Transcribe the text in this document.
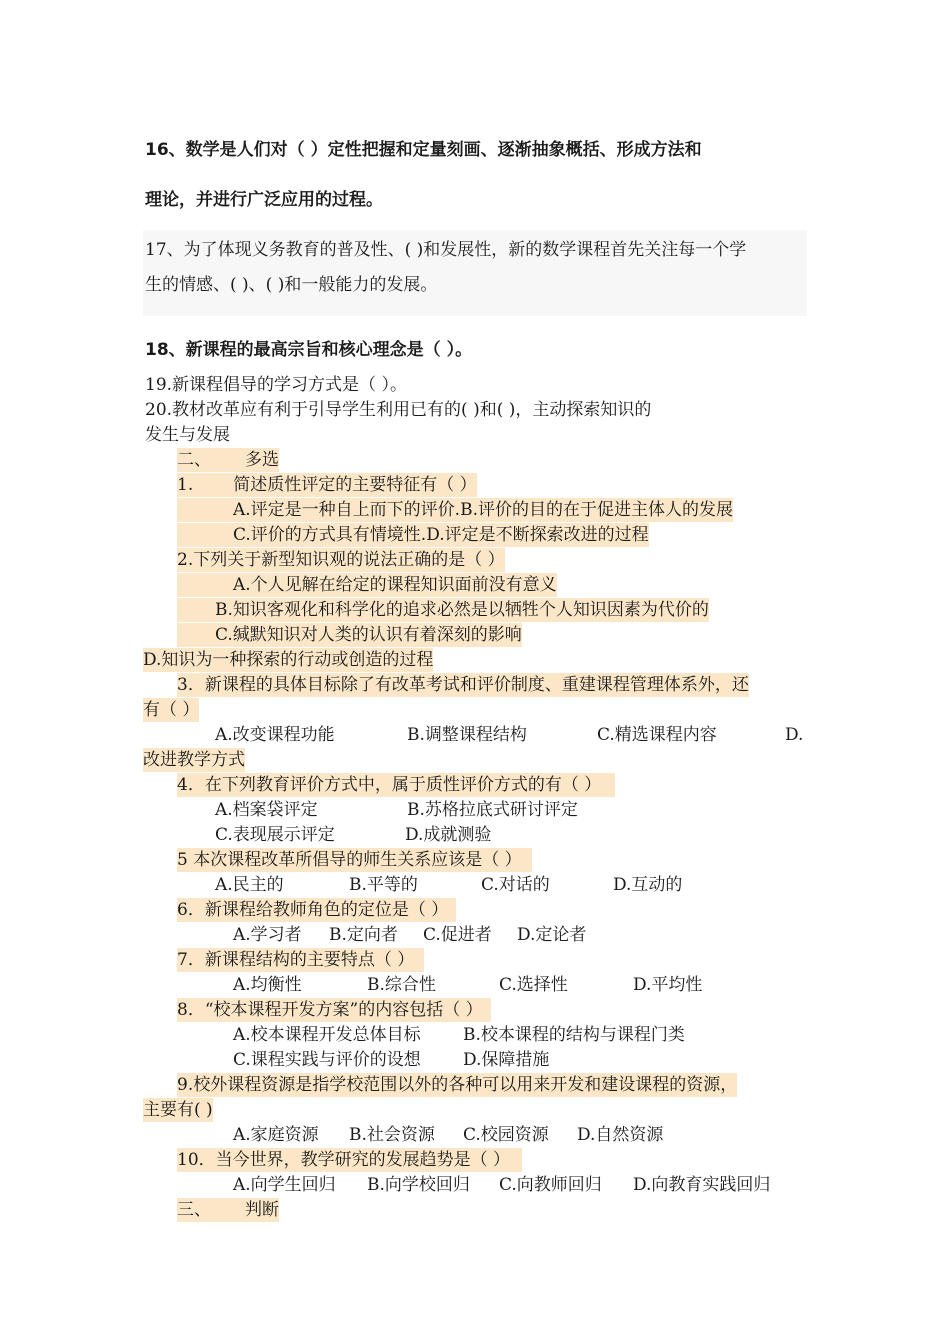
16、数学是人们对（ ）定性把握和定量刻画、逐渐抽象概括、形成方法和
理论，并进行广泛应用的过程。
17、为了体现义务教育的普及性、( )和发展性，新的数学课程首先关注每一个学
生的情感、( )、( )和一般能力的发展。
18、新课程的最高宗旨和核心理念是（ ）。
19.新课程倡导的学习方式是（ ）。
20.教材改革应有利于引导学生利用已有的( )和( )，主动探索知识的
发生与发展
二、 多选
1. 简述质性评定的主要特征有（ ）
A.评定是一种自上而下的评价.B.评价的目的在于促进主体人的发展
C.评价的方式具有情境性.D.评定是不断探索改进的过程
2.下列关于新型知识观的说法正确的是（ ）
A.个人见解在给定的课程知识面前没有意义
B.知识客观化和科学化的追求必然是以牺牲个人知识因素为代价的
C.缄默知识对人类的认识有着深刻的影响
D.知识为一种探索的行动或创造的过程
3．新课程的具体目标除了有改革考试和评价制度、重建课程管理体系外，还
有（ ）
A.改变课程功能	B.调整课程结构	C.精选课程内容	D.
改进教学方式
4．在下列教育评价方式中，属于质性评价方式的有（ ）
A.档案袋评定	B.苏格拉底式研讨评定
C.表现展示评定	D.成就测验
5 本次课程改革所倡导的师生关系应该是（ ）
A.民主的	B.平等的	C.对话的	D.互动的
6．新课程给教师角色的定位是（ ）
A.学习者 B.定向者 C.促进者 D.定论者
7．新课程结构的主要特点（ ）
A.均衡性	B.综合性	C.选择性	D.平均性
8．“校本课程开发方案”的内容包括（ ）
A.校本课程开发总体目标 B.校本课程的结构与课程门类
C.课程实践与评价的设想 D.保障措施
9.校外课程资源是指学校范围以外的各种可以用来开发和建设课程的资源，
主要有( )
A.家庭资源 B.社会资源 C.校园资源 D.自然资源
10．当今世界，教学研究的发展趋势是（ ）
A.向学生回归 B.向学校回归 C.向教师回归 D.向教育实践回归
三、 判断
